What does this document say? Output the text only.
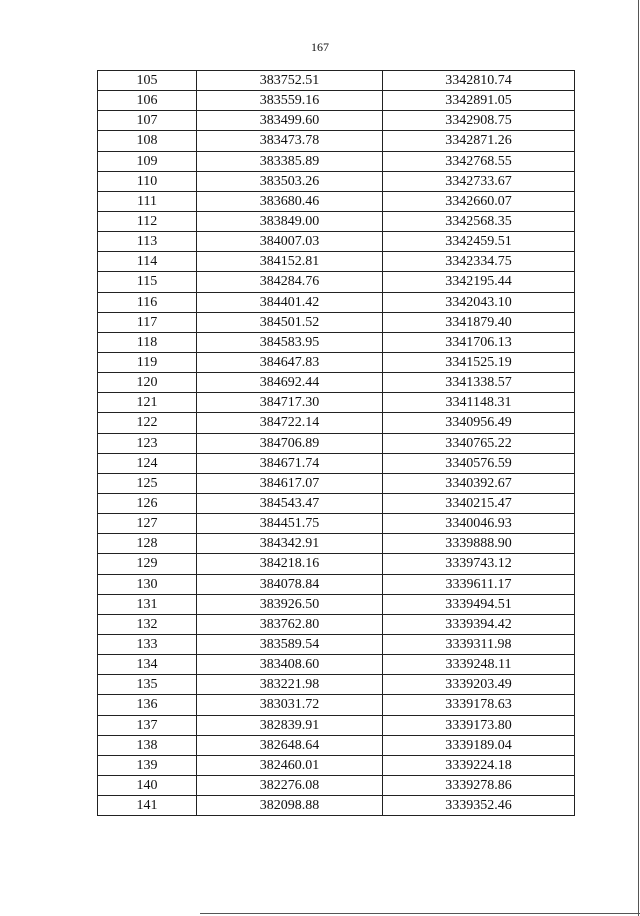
167
105	383752.51	3342810.74
106	383559.16	3342891.05
107	383499.60	3342908.75
108	383473.78	3342871.26
109	383385.89	3342768.55
110	383503.26	3342733.67
111	383680.46	3342660.07
112	383849.00	3342568.35
113	384007.03	3342459.51
114	384152.81	3342334.75
115	384284.76	3342195.44
116	384401.42	3342043.10
117	384501.52	3341879.40
118	384583.95	3341706.13
119	384647.83	3341525.19
120	384692.44	3341338.57
121	384717.30	3341148.31
122	384722.14	3340956.49
123	384706.89	3340765.22
124	384671.74	3340576.59
125	384617.07	3340392.67
126	384543.47	3340215.47
127	384451.75	3340046.93
128	384342.91	3339888.90
129	384218.16	3339743.12
130	384078.84	3339611.17
131	383926.50	3339494.51
132	383762.80	3339394.42
133	383589.54	3339311.98
134	383408.60	3339248.11
135	383221.98	3339203.49
136	383031.72	3339178.63
137	382839.91	3339173.80
138	382648.64	3339189.04
139	382460.01	3339224.18
140	382276.08	3339278.86
141	382098.88	3339352.46
